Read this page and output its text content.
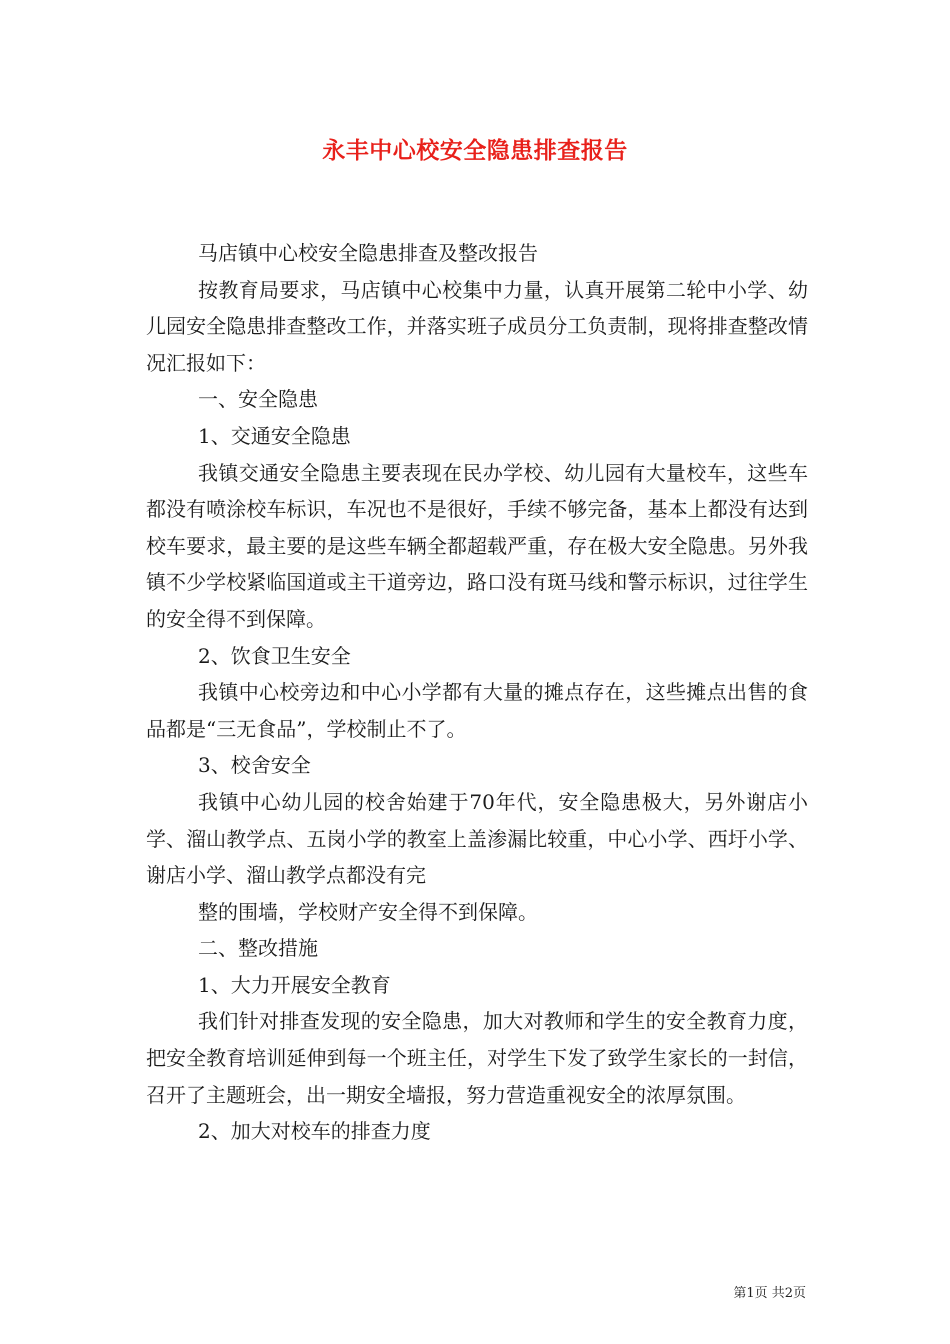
永丰中心校安全隐患排查报告

马店镇中心校安全隐患排查及整改报告

按教育局要求，马店镇中心校集中力量，认真开展第二轮中小学、幼儿园安全隐患排查整改工作，并落实班子成员分工负责制，现将排查整改情况汇报如下：

一、安全隐患

1、交通安全隐患

我镇交通安全隐患主要表现在民办学校、幼儿园有大量校车，这些车都没有喷涂校车标识，车况也不是很好，手续不够完备，基本上都没有达到校车要求，最主要的是这些车辆全都超载严重，存在极大安全隐患。另外我镇不少学校紧临国道或主干道旁边，路口没有斑马线和警示标识，过往学生的安全得不到保障。

2、饮食卫生安全

我镇中心校旁边和中心小学都有大量的摊点存在，这些摊点出售的食品都是“三无食品”，学校制止不了。

3、校舍安全

我镇中心幼儿园的校舍始建于70年代，安全隐患极大，另外谢店小学、溜山教学点、五岗小学的教室上盖渗漏比较重，中心小学、西圩小学、谢店小学、溜山教学点都没有完

整的围墙，学校财产安全得不到保障。

二、整改措施

1、大力开展安全教育

我们针对排查发现的安全隐患，加大对教师和学生的安全教育力度，把安全教育培训延伸到每一个班主任，对学生下发了致学生家长的一封信，召开了主题班会，出一期安全墙报，努力营造重视安全的浓厚氛围。

2、加大对校车的排查力度

第1页 共2页
